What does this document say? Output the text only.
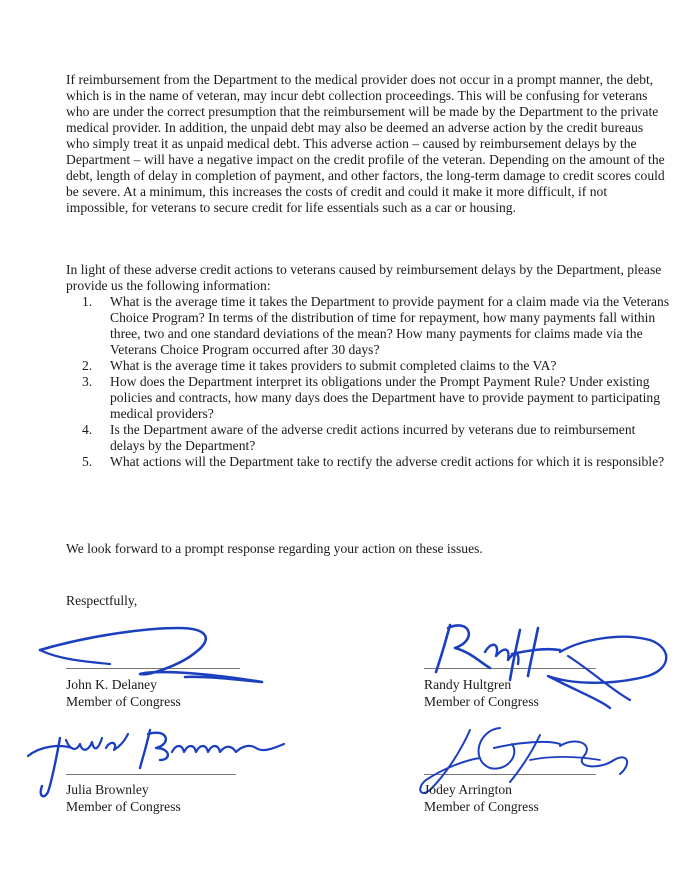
If reimbursement from the Department to the medical provider does not occur in a prompt manner, the debt, which is in the name of veteran, may incur debt collection proceedings. This will be confusing for veterans who are under the correct presumption that the reimbursement will be made by the Department to the private medical provider. In addition, the unpaid debt may also be deemed an adverse action by the credit bureaus who simply treat it as unpaid medical debt. This adverse action – caused by reimbursement delays by the Department – will have a negative impact on the credit profile of the veteran. Depending on the amount of the debt, length of delay in completion of payment, and other factors, the long-term damage to credit scores could be severe. At a minimum, this increases the costs of credit and could it make it more difficult, if not impossible, for veterans to secure credit for life essentials such as a car or housing.

In light of these adverse credit actions to veterans caused by reimbursement delays by the Department, please provide us the following information:

1.	What is the average time it takes the Department to provide payment for a claim made via the Veterans Choice Program? In terms of the distribution of time for repayment, how many payments fall within three, two and one standard deviations of the mean? How many payments for claims made via the Veterans Choice Program occurred after 30 days?
2.	What is the average time it takes providers to submit completed claims to the VA?
3.	How does the Department interpret its obligations under the Prompt Payment Rule? Under existing policies and contracts, how many days does the Department have to provide payment to participating medical providers?
4.	Is the Department aware of the adverse credit actions incurred by veterans due to reimbursement delays by the Department?
5.	What actions will the Department take to rectify the adverse credit actions for which it is responsible?

We look forward to a prompt response regarding your action on these issues.

Respectfully,

John K. Delaney
Member of Congress
Randy Hultgren
Member of Congress
Julia Brownley
Member of Congress
Jodey Arrington
Member of Congress
